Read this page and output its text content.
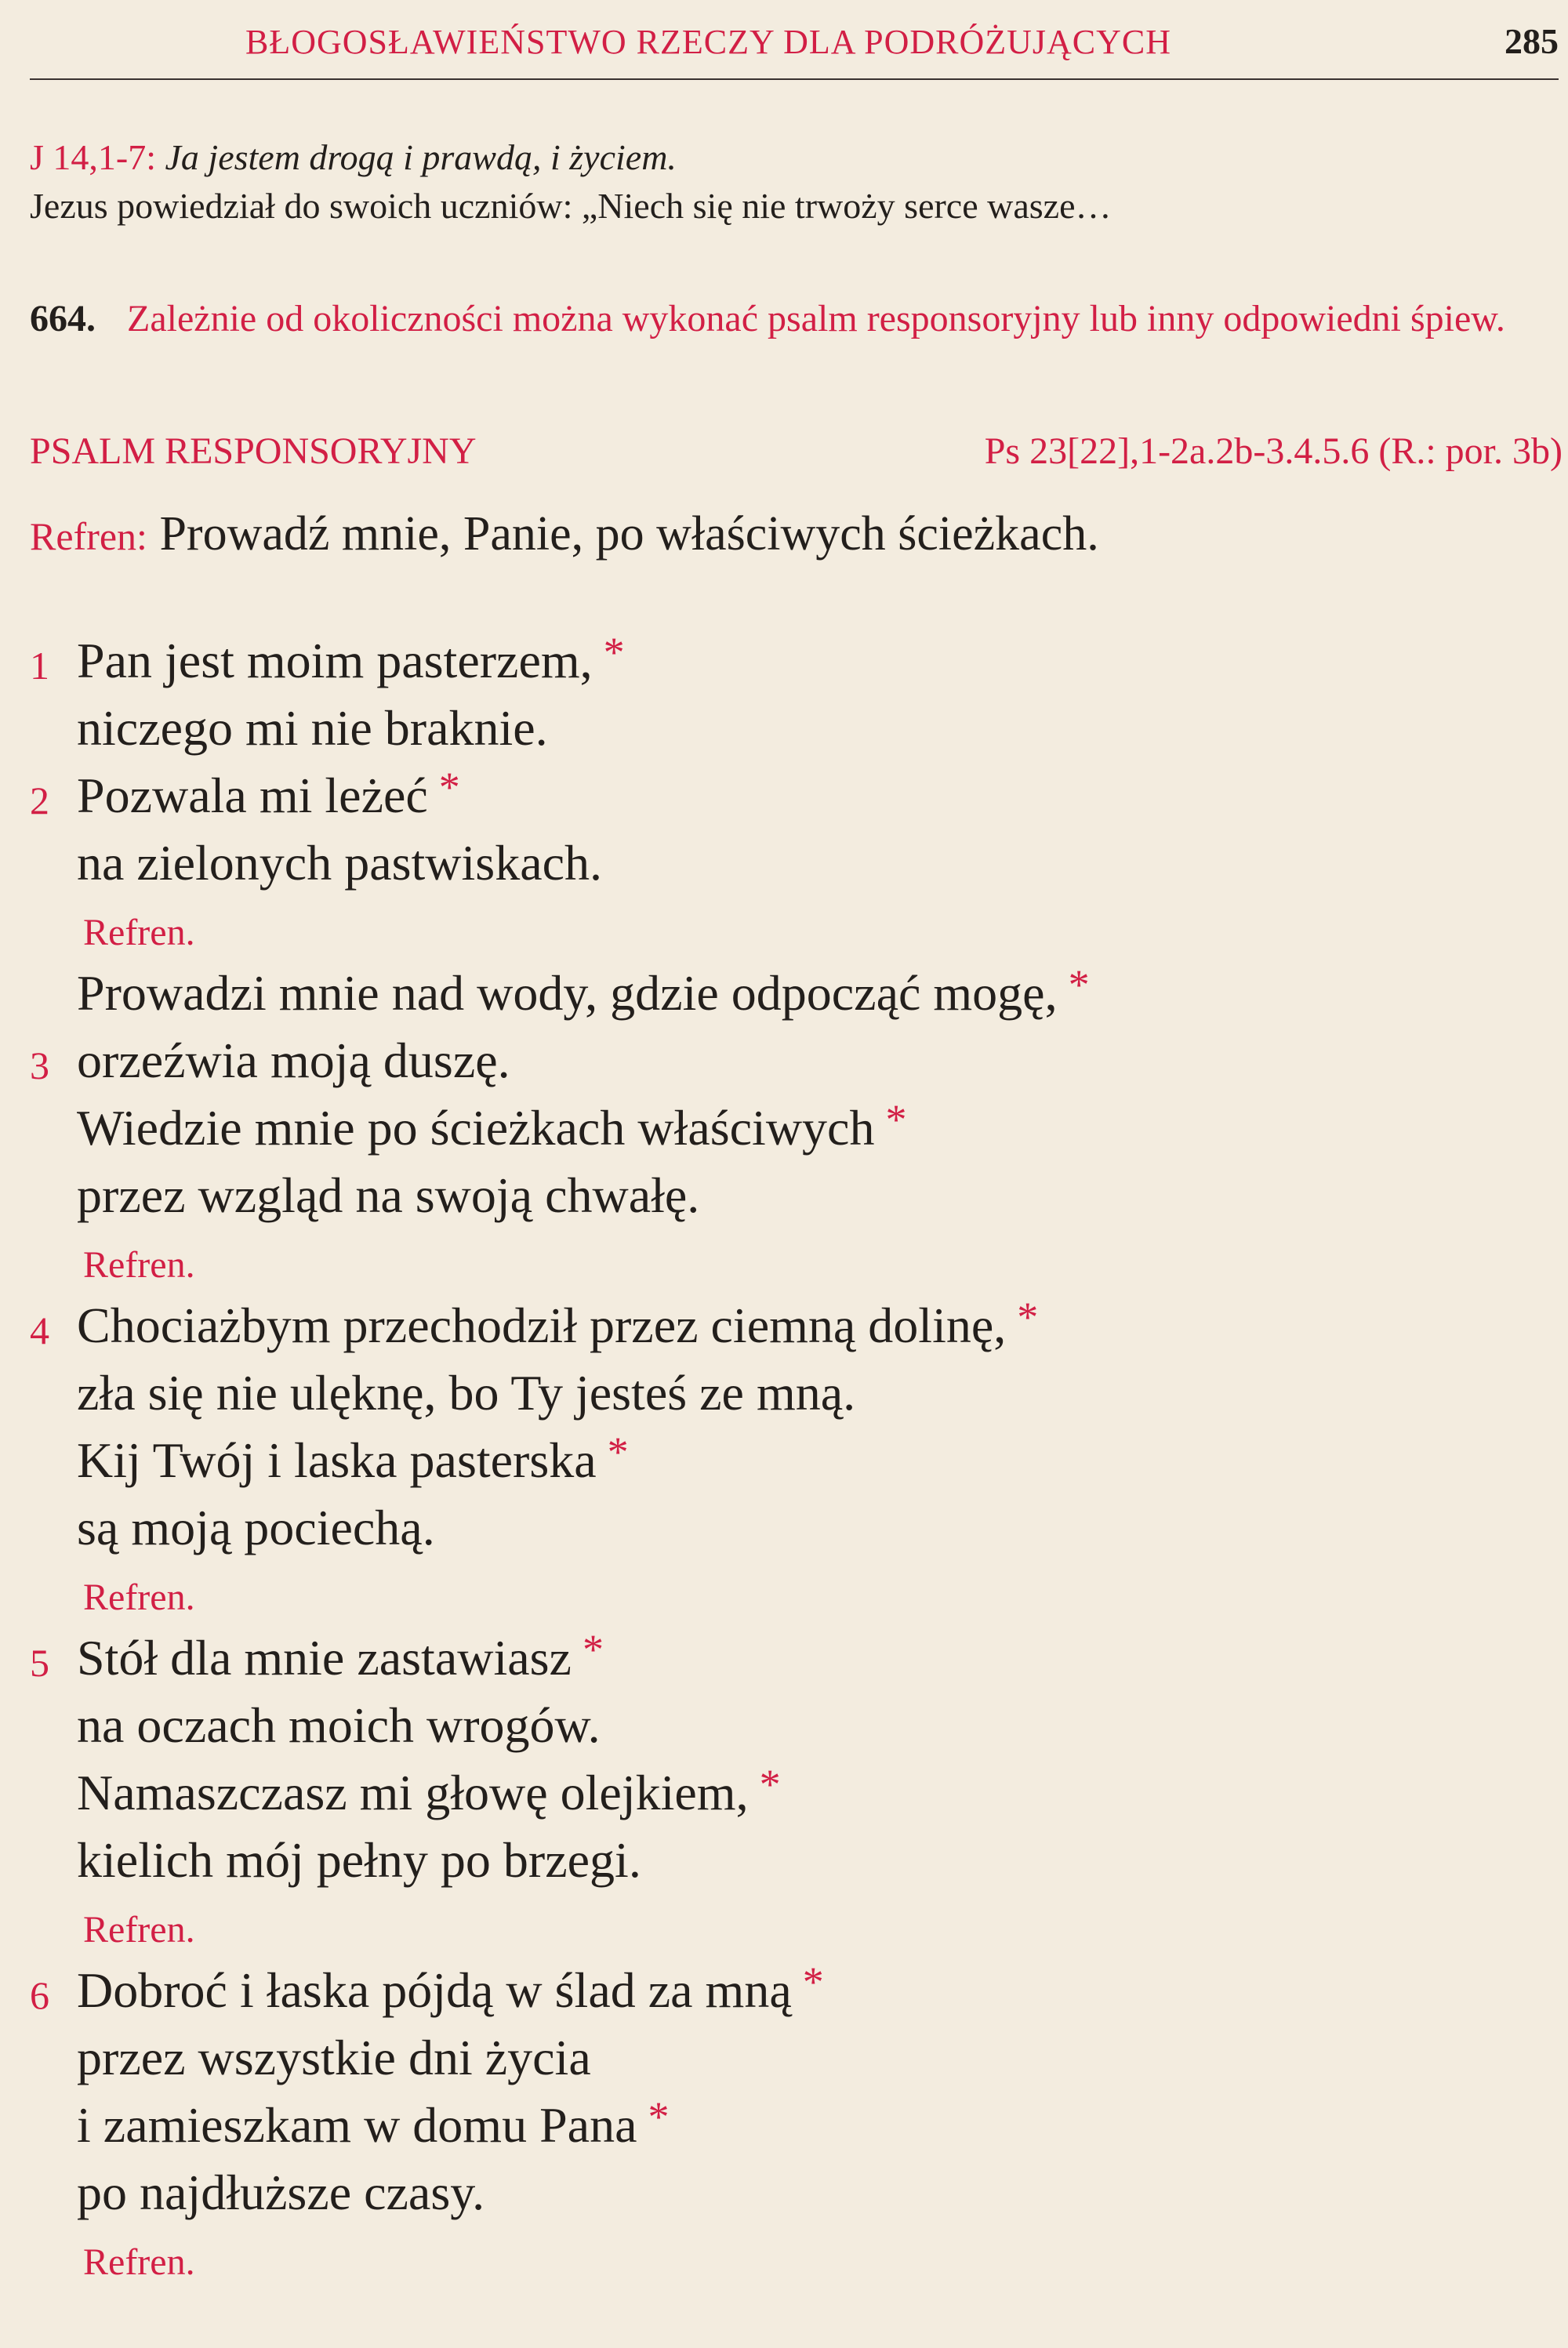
BŁOGOSŁAWIEŃSTWO RZECZY DLA PODRÓŻUJĄCYCH	285
J 14,1-7: Ja jestem drogą i prawdą, i życiem.
Jezus powiedział do swoich uczniów: „Niech się nie trwoży serce wasze…
664. Zależnie od okoliczności można wykonać psalm responsoryjny lub inny odpowiedni śpiew.
PSALM RESPONSORYJNY	Ps 23[22],1-2a.2b-3.4.5.6 (R.: por. 3b)
Refren: Prowadź mnie, Panie, po właściwych ścieżkach.
1 Pan jest moim pasterzem, *
niczego mi nie braknie.
2 Pozwala mi leżeć *
na zielonych pastwiskach.
Refren.
Prowadzi mnie nad wody, gdzie odpocząć mogę, *
3 orzeźwia moją duszę.
Wiedzie mnie po ścieżkach właściwych *
przez wzgląd na swoją chwałę.
Refren.
4 Chociażbym przechodził przez ciemną dolinę, *
zła się nie ulęknę, bo Ty jesteś ze mną.
Kij Twój i laska pasterska *
są moją pociechą.
Refren.
5 Stół dla mnie zastawiasz *
na oczach moich wrogów.
Namaszczasz mi głowę olejkiem, *
kielich mój pełny po brzegi.
Refren.
6 Dobroć i łaska pójdą w ślad za mną *
przez wszystkie dni życia
i zamieszkam w domu Pana *
po najdłuższe czasy.
Refren.
